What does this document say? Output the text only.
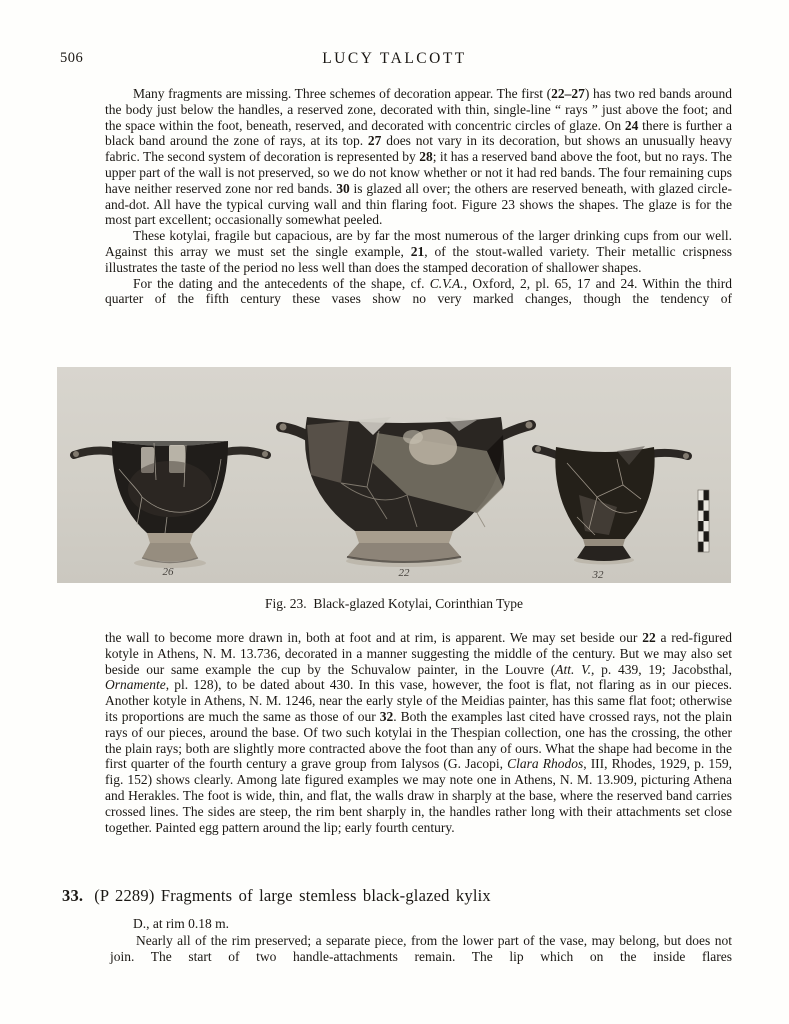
506	LUCY TALCOTT

Many fragments are missing. Three schemes of decoration appear. The first (22–27) has two red bands around the body just below the handles, a reserved zone, decorated with thin, single-line “ rays ” just above the foot; and the space within the foot, beneath, reserved, and decorated with concentric circles of glaze. On 24 there is further a black band around the zone of rays, at its top. 27 does not vary in its decoration, but shows an unusually heavy fabric. The second system of decoration is represented by 28; it has a reserved band above the foot, but no rays. The upper part of the wall is not preserved, so we do not know whether or not it had red bands. The four remaining cups have neither reserved zone nor red bands. 30 is glazed all over; the others are reserved beneath, with glazed circle-and-dot. All have the typical curving wall and thin flaring foot. Figure 23 shows the shapes. The glaze is for the most part excellent; occasionally somewhat peeled.

These kotylai, fragile but capacious, are by far the most numerous of the larger drinking cups from our well. Against this array we must set the single example, 21, of the stout-walled variety. Their metallic crispness illustrates the taste of the period no less well than does the stamped decoration of shallower shapes.

For the dating and the antecedents of the shape, cf. C.V.A., Oxford, 2, pl. 65, 17 and 24. Within the third quarter of the fifth century these vases show no very marked changes, though the tendency of

26	22	32
Fig. 23.  Black-glazed Kotylai, Corinthian Type

the wall to become more drawn in, both at foot and at rim, is apparent. We may set beside our 22 a red-figured kotyle in Athens, N. M. 13.736, decorated in a manner suggesting the middle of the century. But we may also set beside our same example the cup by the Schuvalow painter, in the Louvre (Att. V., p. 439, 19; Jacobsthal, Ornamente, pl. 128), to be dated about 430. In this vase, however, the foot is flat, not flaring as in our pieces. Another kotyle in Athens, N. M. 1246, near the early style of the Meidias painter, has this same flat foot; otherwise its proportions are much the same as those of our 32. Both the examples last cited have crossed rays, not the plain rays of our pieces, around the base. Of two such kotylai in the Thespian collection, one has the crossing, the other the plain rays; both are slightly more contracted above the foot than any of ours. What the shape had become in the first quarter of the fourth century a grave group from Ialysos (G. Jacopi, Clara Rhodos, III, Rhodes, 1929, p. 159, fig. 152) shows clearly. Among late figured examples we may note one in Athens, N. M. 13.909, picturing Athena and Herakles. The foot is wide, thin, and flat, the walls draw in sharply at the base, where the reserved band carries crossed lines. The sides are steep, the rim bent sharply in, the handles rather long with their attachments set close together. Painted egg pattern around the lip; early fourth century.

33. (P 2289) Fragments of large stemless black-glazed kylix
D., at rim 0.18 m.

Nearly all of the rim preserved; a separate piece, from the lower part of the vase, may belong, but does not join. The start of two handle-attachments remain. The lip which on the inside flares
